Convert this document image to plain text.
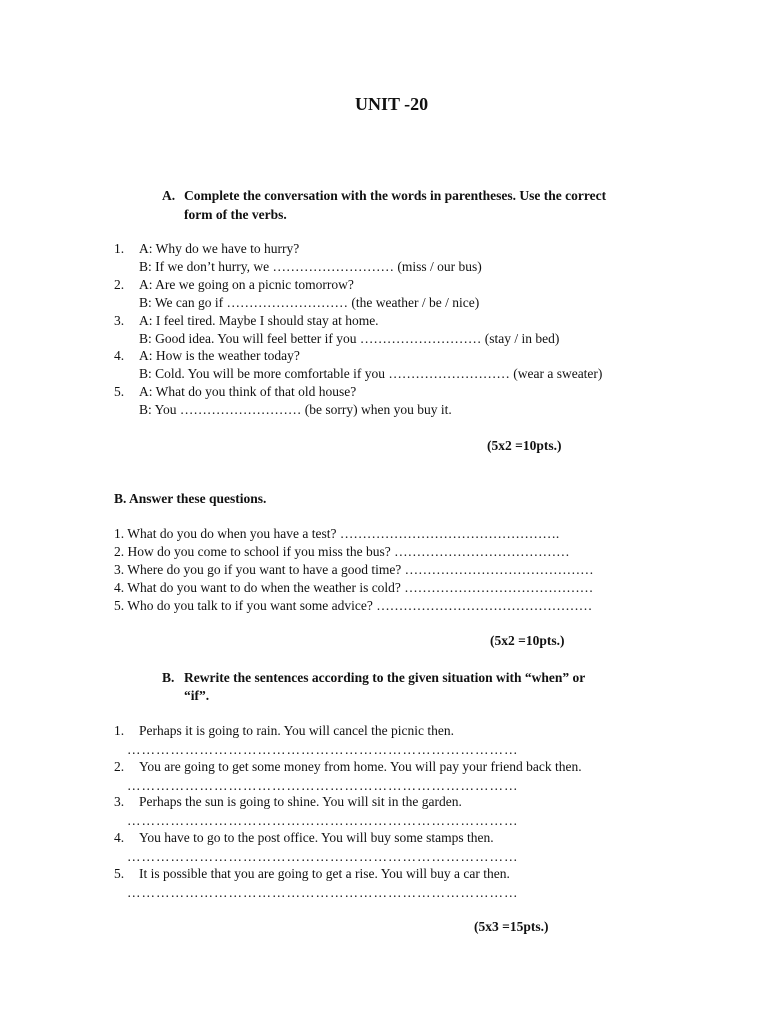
UNIT -20
A. Complete the conversation with the words in parentheses. Use the correct
form of the verbs.
1. A: Why do we have to hurry?
B: If we don’t hurry, we ……………………… (miss / our bus)
2. A: Are we going on a picnic tomorrow?
B: We can go if ……………………… (the weather / be / nice)
3. A: I feel tired. Maybe I should stay at home.
B: Good idea. You will feel better if you ……………………… (stay / in bed)
4. A: How is the weather today?
B: Cold. You will be more comfortable if you ……………………… (wear a sweater)
5. A: What do you think of that old house?
B: You ……………………… (be sorry) when you buy it.
(5x2 =10pts.)
B. Answer these questions.
1. What do you do when you have a test? ………………………………………….
2. How do you come to school if you miss the bus? …………………………………
3. Where do you go if you want to have a good time? ……………………………………
4. What do you want to do when the weather is cold? ……………………………………
5. Who do you talk to if you want some advice? …………………………………………
(5x2 =10pts.)
B. Rewrite the sentences according to the given situation with “when” or
“if”.
1. Perhaps it is going to rain. You will cancel the picnic then.
………………………………………………………………………
2. You are going to get some money from home. You will pay your friend back then.
………………………………………………………………………
3. Perhaps the sun is going to shine. You will sit in the garden.
………………………………………………………………………
4. You have to go to the post office. You will buy some stamps then.
………………………………………………………………………
5. It is possible that you are going to get a rise. You will buy a car then.
………………………………………………………………………
(5x3 =15pts.)
